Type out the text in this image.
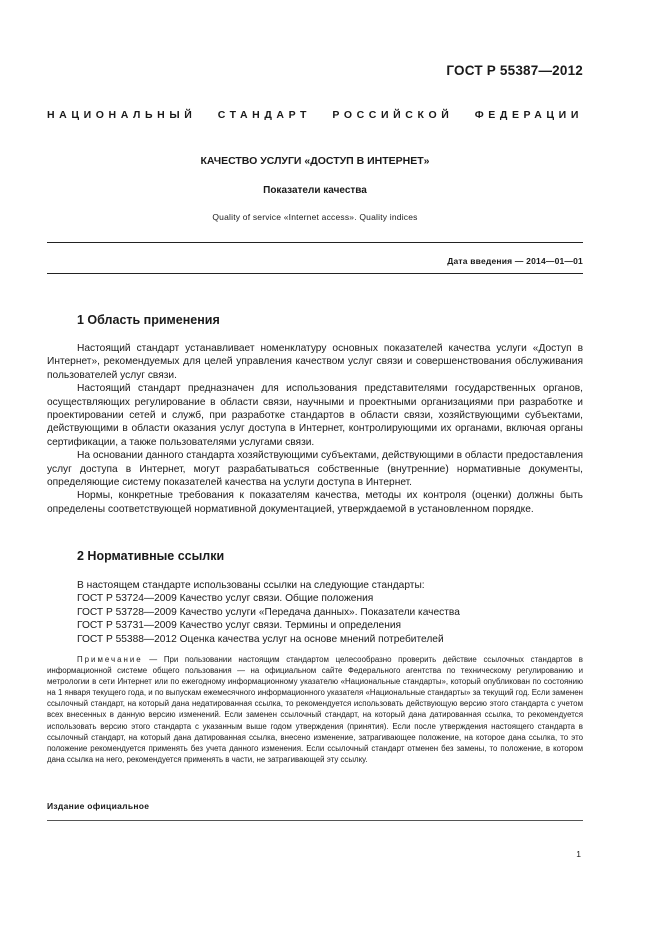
ГОСТ Р 55387—2012
НАЦИОНАЛЬНЫЙ СТАНДАРТ РОССИЙСКОЙ ФЕДЕРАЦИИ
КАЧЕСТВО УСЛУГИ «ДОСТУП В ИНТЕРНЕТ»
Показатели качества
Quality of service «Internet access». Quality indices
Дата введения — 2014—01—01
1 Область применения

Настоящий стандарт устанавливает номенклатуру основных показателей качества услуги «Доступ в Интернет», рекомендуемых для целей управления качеством услуг связи и совершенствования обслуживания пользователей услуг связи.

Настоящий стандарт предназначен для использования представителями государственных органов, осуществляющих регулирование в области связи, научными и проектными организациями при разработке и проектировании сетей и служб, при разработке стандартов в области связи, хозяйствующими субъектами, действующими в области оказания услуг доступа в Интернет, контролирующими их органами, включая органы сертификации, а также пользователями услугами связи.

На основании данного стандарта хозяйствующими субъектами, действующими в области предоставления услуг доступа в Интернет, могут разрабатываться собственные (внутренние) нормативные документы, определяющие систему показателей качества на услуги доступа в Интернет.

Нормы, конкретные требования к показателям качества, методы их контроля (оценки) должны быть определены соответствующей нормативной документацией, утверждаемой в установленном порядке.

2 Нормативные ссылки
В настоящем стандарте использованы ссылки на следующие стандарты:
ГОСТ Р 53724—2009 Качество услуг связи. Общие положения
ГОСТ Р 53728—2009 Качество услуги «Передача данных». Показатели качества
ГОСТ Р 53731—2009 Качество услуг связи. Термины и определения
ГОСТ Р 55388—2012 Оценка качества услуг на основе мнений потребителей
Примечание — При пользовании настоящим стандартом целесообразно проверить действие ссылочных стандартов в информационной системе общего пользования — на официальном сайте Федерального агентства по техническому регулированию и метрологии в сети Интернет или по ежегодному информационному указателю «Национальные стандарты», который опубликован по состоянию на 1 января текущего года, и по выпускам ежемесячного информационного указателя «Национальные стандарты» за текущий год. Если заменен ссылочный стандарт, на который дана недатированная ссылка, то рекомендуется использовать действующую версию этого стандарта с учетом всех внесенных в данную версию изменений. Если заменен ссылочный стандарт, на который дана датированная ссылка, то рекомендуется использовать версию этого стандарта с указанным выше годом утверждения (принятия). Если после утверждения настоящего стандарта в ссылочный стандарт, на который дана датированная ссылка, внесено изменение, затрагивающее положение, на которое дана ссылка, то это положение рекомендуется применять без учета данного изменения. Если ссылочный стандарт отменен без замены, то положение, в котором дана ссылка на него, рекомендуется применять в части, не затрагивающей эту ссылку.
Издание официальное
1
